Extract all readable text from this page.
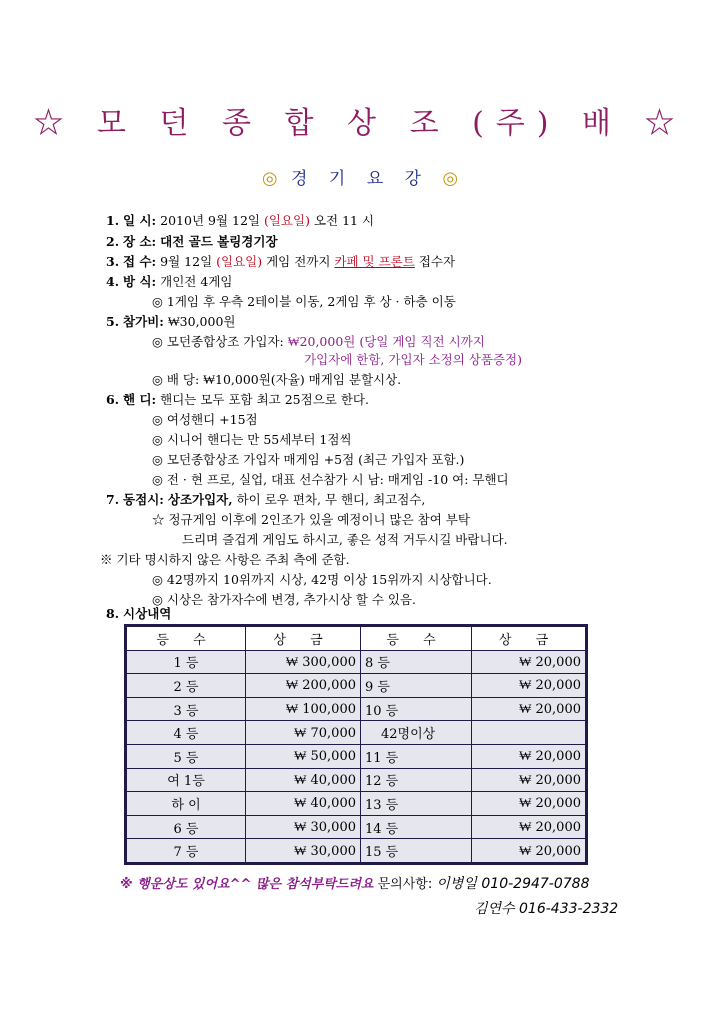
☆ 모 던 종 합 상 조 (주) 배 ☆
◎ 경 기 요 강 ◎
1. 일 시: 2010년 9월 12일 (일요일) 오전 11 시
2. 장 소: 대전 골드 볼링경기장
3. 접 수: 9월 12일 (일요일) 게임 전까지 카페 및 프론트 접수자
4. 방 식: 개인전 4게임
◎ 1게임 후 우측 2테이블 이동, 2게임 후 상 · 하층 이동
5. 참가비: ₩30,000원
◎ 모던종합상조 가입자: ₩20,000원 (당일 게임 직전 시까지
가입자에 한함, 가입자 소정의 상품증정)
◎ 배 당: ₩10,000원(자율) 매게임 분할시상.
6. 핸 디: 핸디는 모두 포함 최고 25점으로 한다.
◎ 여성핸디 +15점
◎ 시니어 핸디는 만 55세부터 1점씩
◎ 모던종합상조 가입자 매게임 +5점 (최근 가입자 포함.)
◎ 전 · 현 프로, 실업, 대표 선수참가 시 남: 매게임 -10 여: 무핸디
7. 동점시: 상조가입자, 하이 로우 편차, 무 핸디, 최고점수,
☆ 정규게임 이후에 2인조가 있을 예정이니 많은 참여 부탁
드리며 즐겁게 게임도 하시고, 좋은 성적 거두시길 바랍니다.
※ 기타 명시하지 않은 사항은 주최 측에 준함.
◎ 42명까지 10위까지 시상, 42명 이상 15위까지 시상합니다.
◎ 시상은 참가자수에 변경, 추가시상 할 수 있음.
8. 시상내역
등 수	상 금	등 수	상 금
1 등	₩ 300,000	8 등	₩ 20,000
2 등	₩ 200,000	9 등	₩ 20,000
3 등	₩ 100,000	10 등	₩ 20,000
4 등	₩ 70,000	42명이상	
5 등	₩ 50,000	11 등	₩ 20,000
여 1등	₩ 40,000	12 등	₩ 20,000
하 이	₩ 40,000	13 등	₩ 20,000
6 등	₩ 30,000	14 등	₩ 20,000
7 등	₩ 30,000	15 등	₩ 20,000
※ 행운상도 있어요^^ 많은 참석부탁드려요 문의사항: 이병일 010-2947-0788
김연수 016-433-2332
